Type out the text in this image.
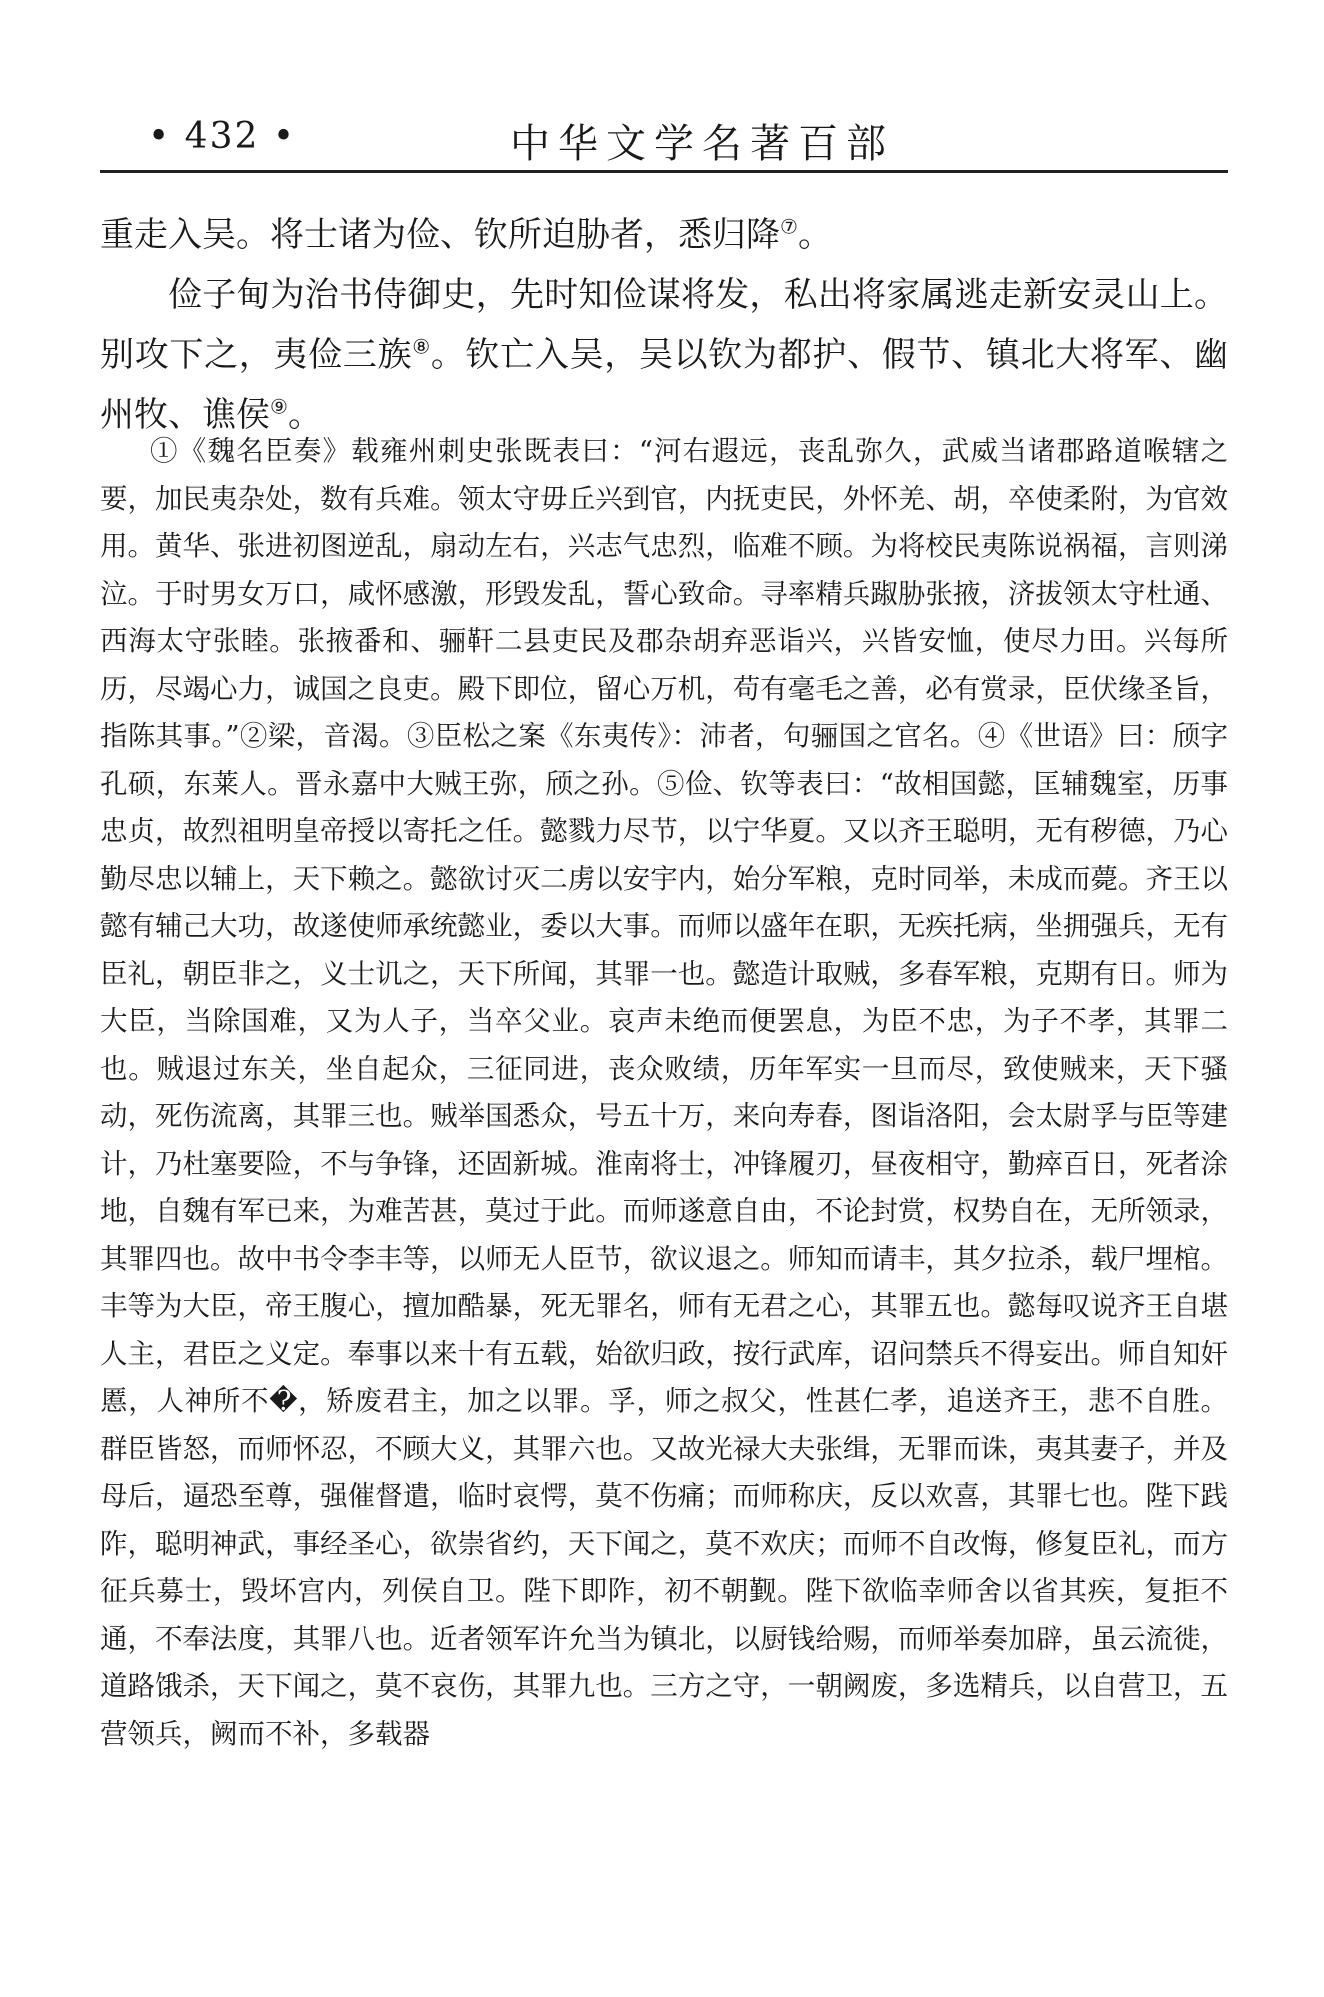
• 432 •	中华文学名著百部

重走入吴。将士诸为俭、钦所迫胁者，悉归降⑦。

俭子甸为治书侍御史，先时知俭谋将发，私出将家属逃走新安灵山上。别攻下之，夷俭三族⑧。钦亡入吴，吴以钦为都护、假节、镇北大将军、幽州牧、谯侯⑨。

①《魏名臣奏》载雍州刺史张既表曰：“河右遐远，丧乱弥久，武威当诸郡路道喉辖之要，加民夷杂处，数有兵难。领太守毋丘兴到官，内抚吏民，外怀羌、胡，卒使柔附，为官效用。黄华、张进初图逆乱，扇动左右，兴志气忠烈，临难不顾。为将校民夷陈说祸福，言则涕泣。于时男女万口，咸怀感激，形毁发乱，誓心致命。寻率精兵踧胁张掖，济拔领太守杜通、西海太守张睦。张掖番和、骊靬二县吏民及郡杂胡弃恶诣兴，兴皆安恤，使尽力田。兴每所历，尽竭心力，诚国之良吏。殿下即位，留心万机，苟有毫毛之善，必有赏录，臣伏缘圣旨，指陈其事。”②梁，音渴。③臣松之案《东夷传》：沛者，句骊国之官名。④《世语》曰：颀字孔硕，东莱人。晋永嘉中大贼王弥，颀之孙。⑤俭、钦等表曰：“故相国懿，匡辅魏室，历事忠贞，故烈祖明皇帝授以寄托之任。懿戮力尽节，以宁华夏。又以齐王聪明，无有秽德，乃心勤尽忠以辅上，天下赖之。懿欲讨灭二虏以安宇内，始分军粮，克时同举，未成而薨。齐王以懿有辅己大功，故遂使师承统懿业，委以大事。而师以盛年在职，无疾托病，坐拥强兵，无有臣礼，朝臣非之，义士讥之，天下所闻，其罪一也。懿造计取贼，多春军粮，克期有日。师为大臣，当除国难，又为人子，当卒父业。哀声未绝而便罢息，为臣不忠，为子不孝，其罪二也。贼退过东关，坐自起众，三征同进，丧众败绩，历年军实一旦而尽，致使贼来，天下骚动，死伤流离，其罪三也。贼举国悉众，号五十万，来向寿春，图诣洛阳，会太尉孚与臣等建计，乃杜塞要险，不与争锋，还固新城。淮南将士，冲锋履刃，昼夜相守，勤瘁百日，死者涂地，自魏有军已来，为难苦甚，莫过于此。而师遂意自由，不论封赏，权势自在，无所领录，其罪四也。故中书令李丰等，以师无人臣节，欲议退之。师知而请丰，其夕拉杀，载尸埋棺。丰等为大臣，帝王腹心，擅加酷暴，死无罪名，师有无君之心，其罪五也。懿每叹说齐王自堪人主，君臣之义定。奉事以来十有五载，始欲归政，按行武库，诏问禁兵不得妄出。师自知奸慝，人神所不�，矫废君主，加之以罪。孚，师之叔父，性甚仁孝，追送齐王，悲不自胜。群臣皆怒，而师怀忍，不顾大义，其罪六也。又故光禄大夫张缉，无罪而诛，夷其妻子，并及母后，逼恐至尊，强催督遣，临时哀愕，莫不伤痛；而师称庆，反以欢喜，其罪七也。陛下践阼，聪明神武，事经圣心，欲崇省约，天下闻之，莫不欢庆；而师不自改悔，修复臣礼，而方征兵募士，毁坏宫内，列侯自卫。陛下即阼，初不朝觐。陛下欲临幸师舍以省其疾，复拒不通，不奉法度，其罪八也。近者领军许允当为镇北，以厨钱给赐，而师举奏加辟，虽云流徙，道路饿杀，天下闻之，莫不哀伤，其罪九也。三方之守，一朝阙废，多选精兵，以自营卫，五营领兵，阙而不补，多载器
